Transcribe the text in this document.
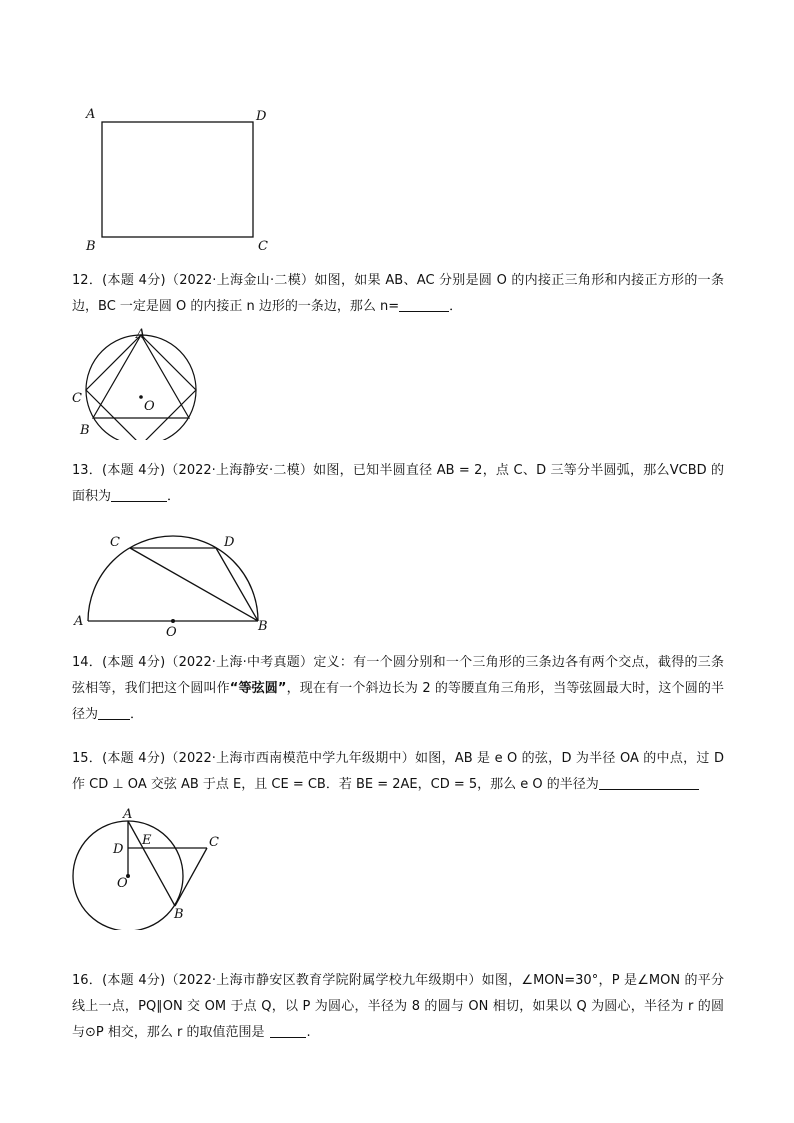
A	D
B	C
12．(本题 4分)（2022·上海金山·二模）如图，如果 AB、AC 分别是圆 O 的内接正三角形和内接正方形的一条边，BC 一定是圆 O 的内接正 n 边形的一条边，那么 n=	．
A
C
B
O
13．(本题 4分)（2022·上海静安·二模）如图，已知半圆直径 AB = 2，点 C、D 三等分半圆弧，那么VCBD 的面积为	．
C	D
A	B
O
14．(本题 4分)（2022·上海·中考真题）定义：有一个圆分别和一个三角形的三条边各有两个交点，截得的三条弦相等，我们把这个圆叫作“等弦圆”，现在有一个斜边长为 2 的等腰直角三角形，当等弦圆最大时，这个圆的半径为 ．
15．(本题 4分)（2022·上海市西南模范中学九年级期中）如图，AB 是 e O 的弦，D 为半径 OA 的中点，过 D 作 CD ⊥ OA 交弦 AB 于点 E，且 CE = CB．若 BE = 2AE，CD = 5，那么 e O 的半径为
A
D
E	C
O
B
16．(本题 4分)（2022·上海市静安区教育学院附属学校九年级期中）如图，∠MON=30°，P 是∠MON 的平分线上一点，PQ∥ON 交 OM 于点 Q，以 P 为圆心，半径为 8 的圆与 ON 相切，如果以 Q 为圆心，半径为 r 的圆与⊙P 相交，那么 r 的取值范围是	.
